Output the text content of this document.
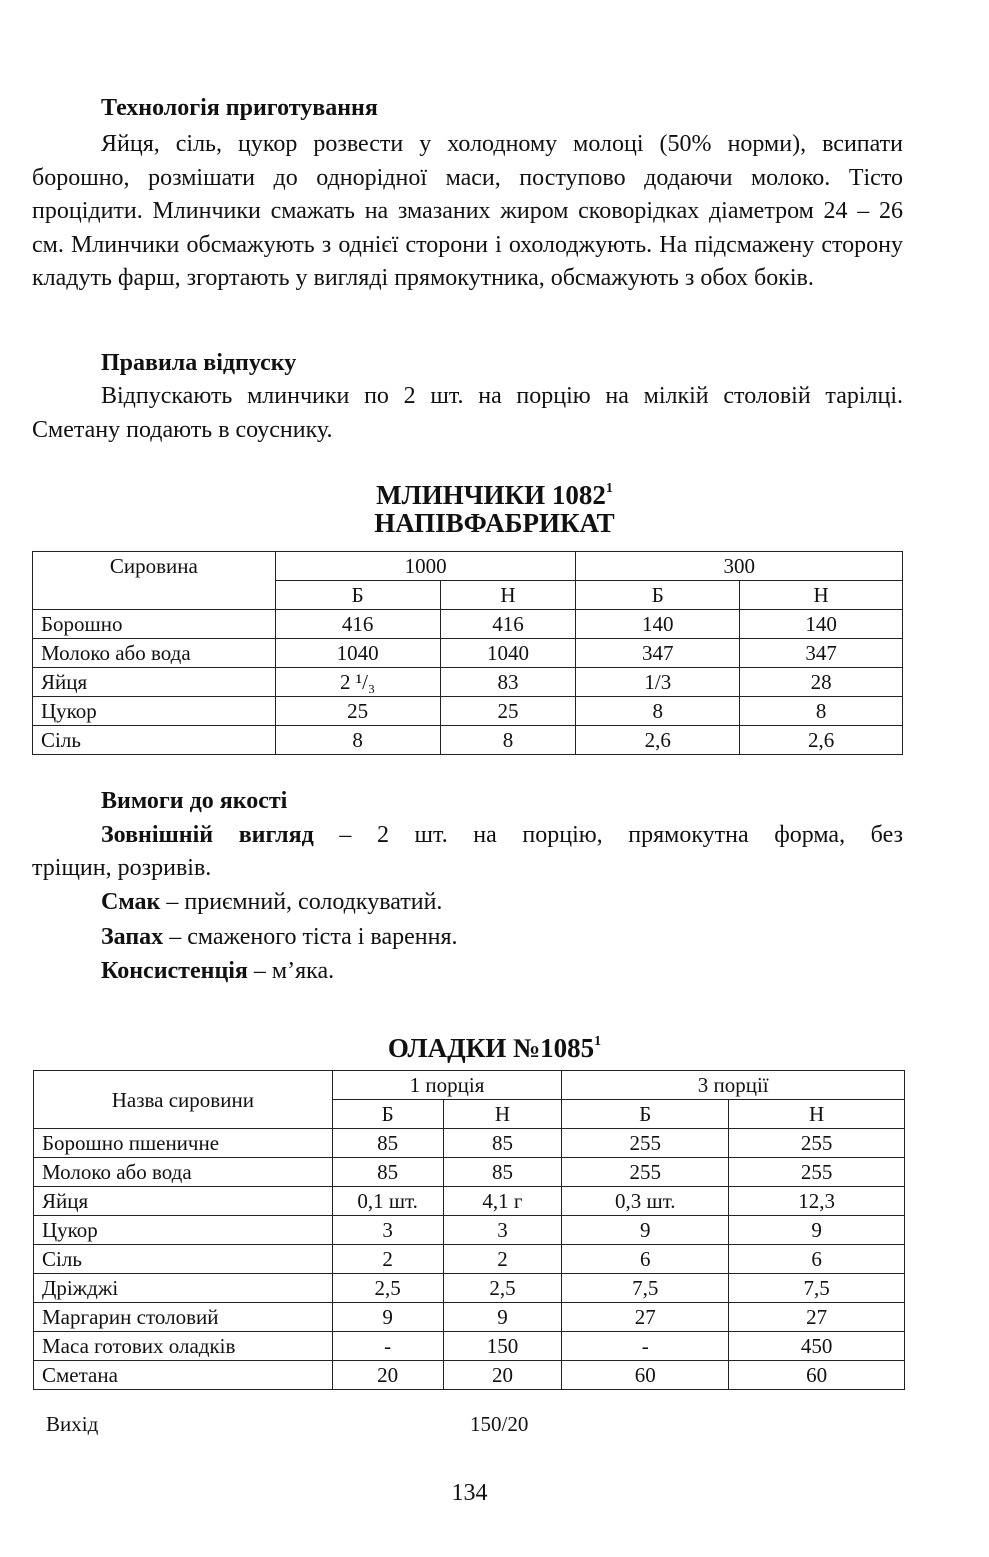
Технологія приготування

Яйця, сіль, цукор розвести у холодному молоці (50% норми), всипати борошно, розмішати до однорідної маси, поступово додаючи молоко. Тісто процідити. Млинчики смажать на змазаних жиром сковорідках діаметром 24 – 26 см. Млинчики обсмажують з однієї сторони і охолоджують. На підсмажену сторону кладуть фарш, згортають у вигляді прямокутника, обсмажують з обох боків.

Правила відпуску

Відпускають млинчики по 2 шт. на порцію на мілкій столовій тарілці. Сметану подають в соуснику.

МЛИНЧИКИ 1082$^1$
НАПІВФАБРИКАТ
Сировина	1000		300	
	Б	Н	Б	Н
Борошно	416	416	140	140
Молоко або вода	1040	1040	347	347
Яйця	2 ¹/₃	83	1/3	28
Цукор	25	25	8	8
Сіль	8	8	2,6	2,6
Вимоги до якості

Зовнішній вигляд – 2 шт. на порцію, прямокутна форма, без

тріщин, розривів.

Смак – приємний, солодкуватий.

Запах – смаженого тіста і варення.

Консистенція – м’яка.

ОЛАДКИ №1085$^1$
Назва сировини	1 порція		3 порції	
	Б	Н	Б	Н
Борошно пшеничне	85	85	255	255
Молоко або вода	85	85	255	255
Яйця	0,1 шт.	4,1 г	0,3 шт.	12,3
Цукор	3	3	9	9
Сіль	2	2	6	6
Дріжджі	2,5	2,5	7,5	7,5
Маргарин столовий	9	9	27	27
Маса готових оладків	-	150	-	450
Сметана	20	20	60	60
Вихід	150/20
134
